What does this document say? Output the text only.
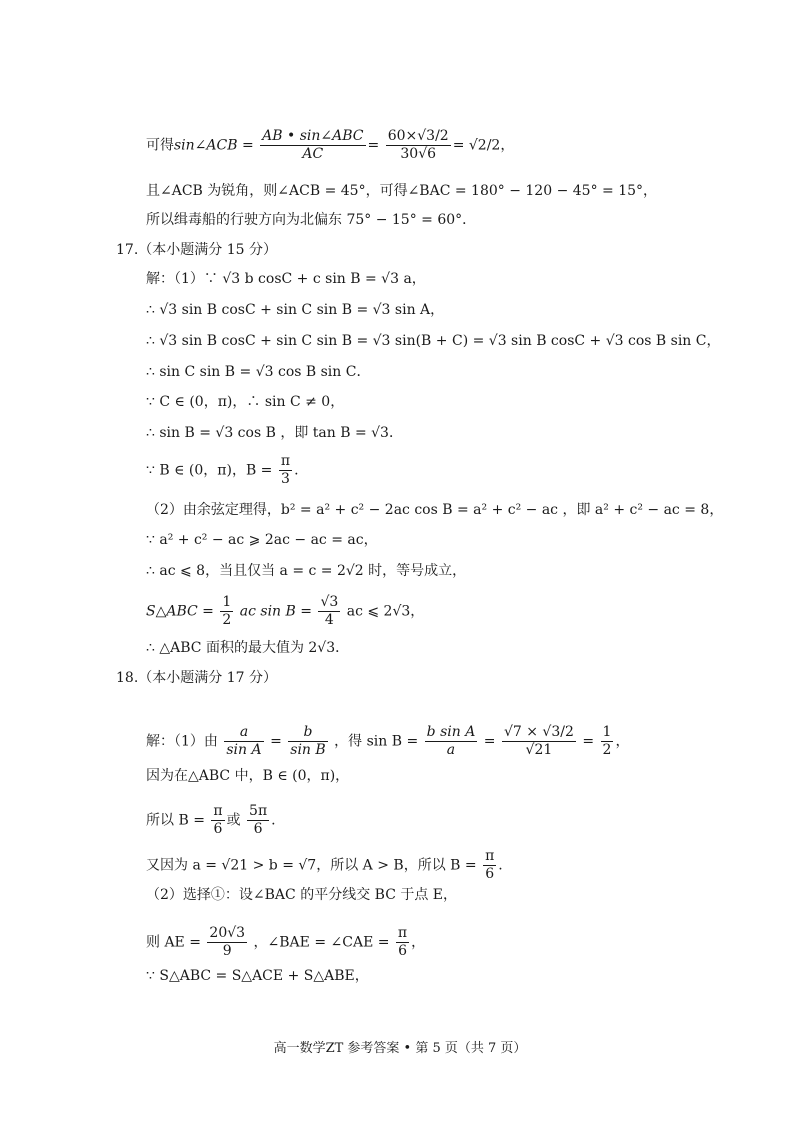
可得sin∠ACB = $\frac{\text{AB • sin∠ABC}}{AC} = \frac{60\times√3/2}{30√6} = √2/2$，
且∠ACB 为锐角，则∠ACB = 45°，可得∠BAC = 180° − 120 − 45° = 15°，
所以缉毒船的行驶方向为北偏东 75° − 15° = 60°．
17.（本小题满分 15 分）
解：（1）∵ √3 b cosC + c sin B = √3 a，
∴ √3 sin B cosC + sin C sin B = √3 sin A，
∴ √3 sin B cosC + sin C sin B = √3 sin(B + C) = √3 sin B cosC + √3 cos B sin C，
∴ sin C sin B = √3 cos B sin C．
∵ C ∈ (0，π)，∴ sin C ≠ 0，
∴ sin B = √3 cos B ，即 tan B = √3．
∵ B ∈ (0，π)，$B = \frac{\pi}{3}$ .
（2）由余弦定理得，b² = a² + c² − 2ac cos B = a² + c² − ac ，即 a² + c² − ac = 8，
∵ a² + c² − ac ⩾ 2ac − ac = ac，
∴ ac ⩽ 8，当且仅当 a = c = 2√2 时，等号成立，
S△ABC = $\frac{1}{2}$ ac $\sin B = \frac{√3}{4}$ ac ⩽ 2√3，
∴ △ABC 面积的最大值为 2√3．
18.（本小题满分 17 分）
解：（1）由 $\frac{a}{\text{sin A}} = \frac{b}{\text{sin B}}$ ，得 $\sin B = \frac{\text{b sin A}}{a} = \frac{√7 \times √3/2}{√21} = \frac{1}{2}$ ，
因为在△ABC 中，B ∈ (0，π)，
所以 $B = \frac{\pi}{6}$ 或 $\frac{5\pi}{6}$ .
又因为 a = √21 > b = √7，所以 A > B，所以 $B = \frac{\pi}{6}$ .
（2）选择①：设∠BAC 的平分线交 BC 于点 E，
则 AE = $\frac{20√3}{9}$ ，∠BAE = ∠CAE = $\frac{\pi}{6}$ ，
∵ S△ABC = S△ACE + S△ABE，
高一数学ZT 参考答案 • 第 5 页（共 7 页）
